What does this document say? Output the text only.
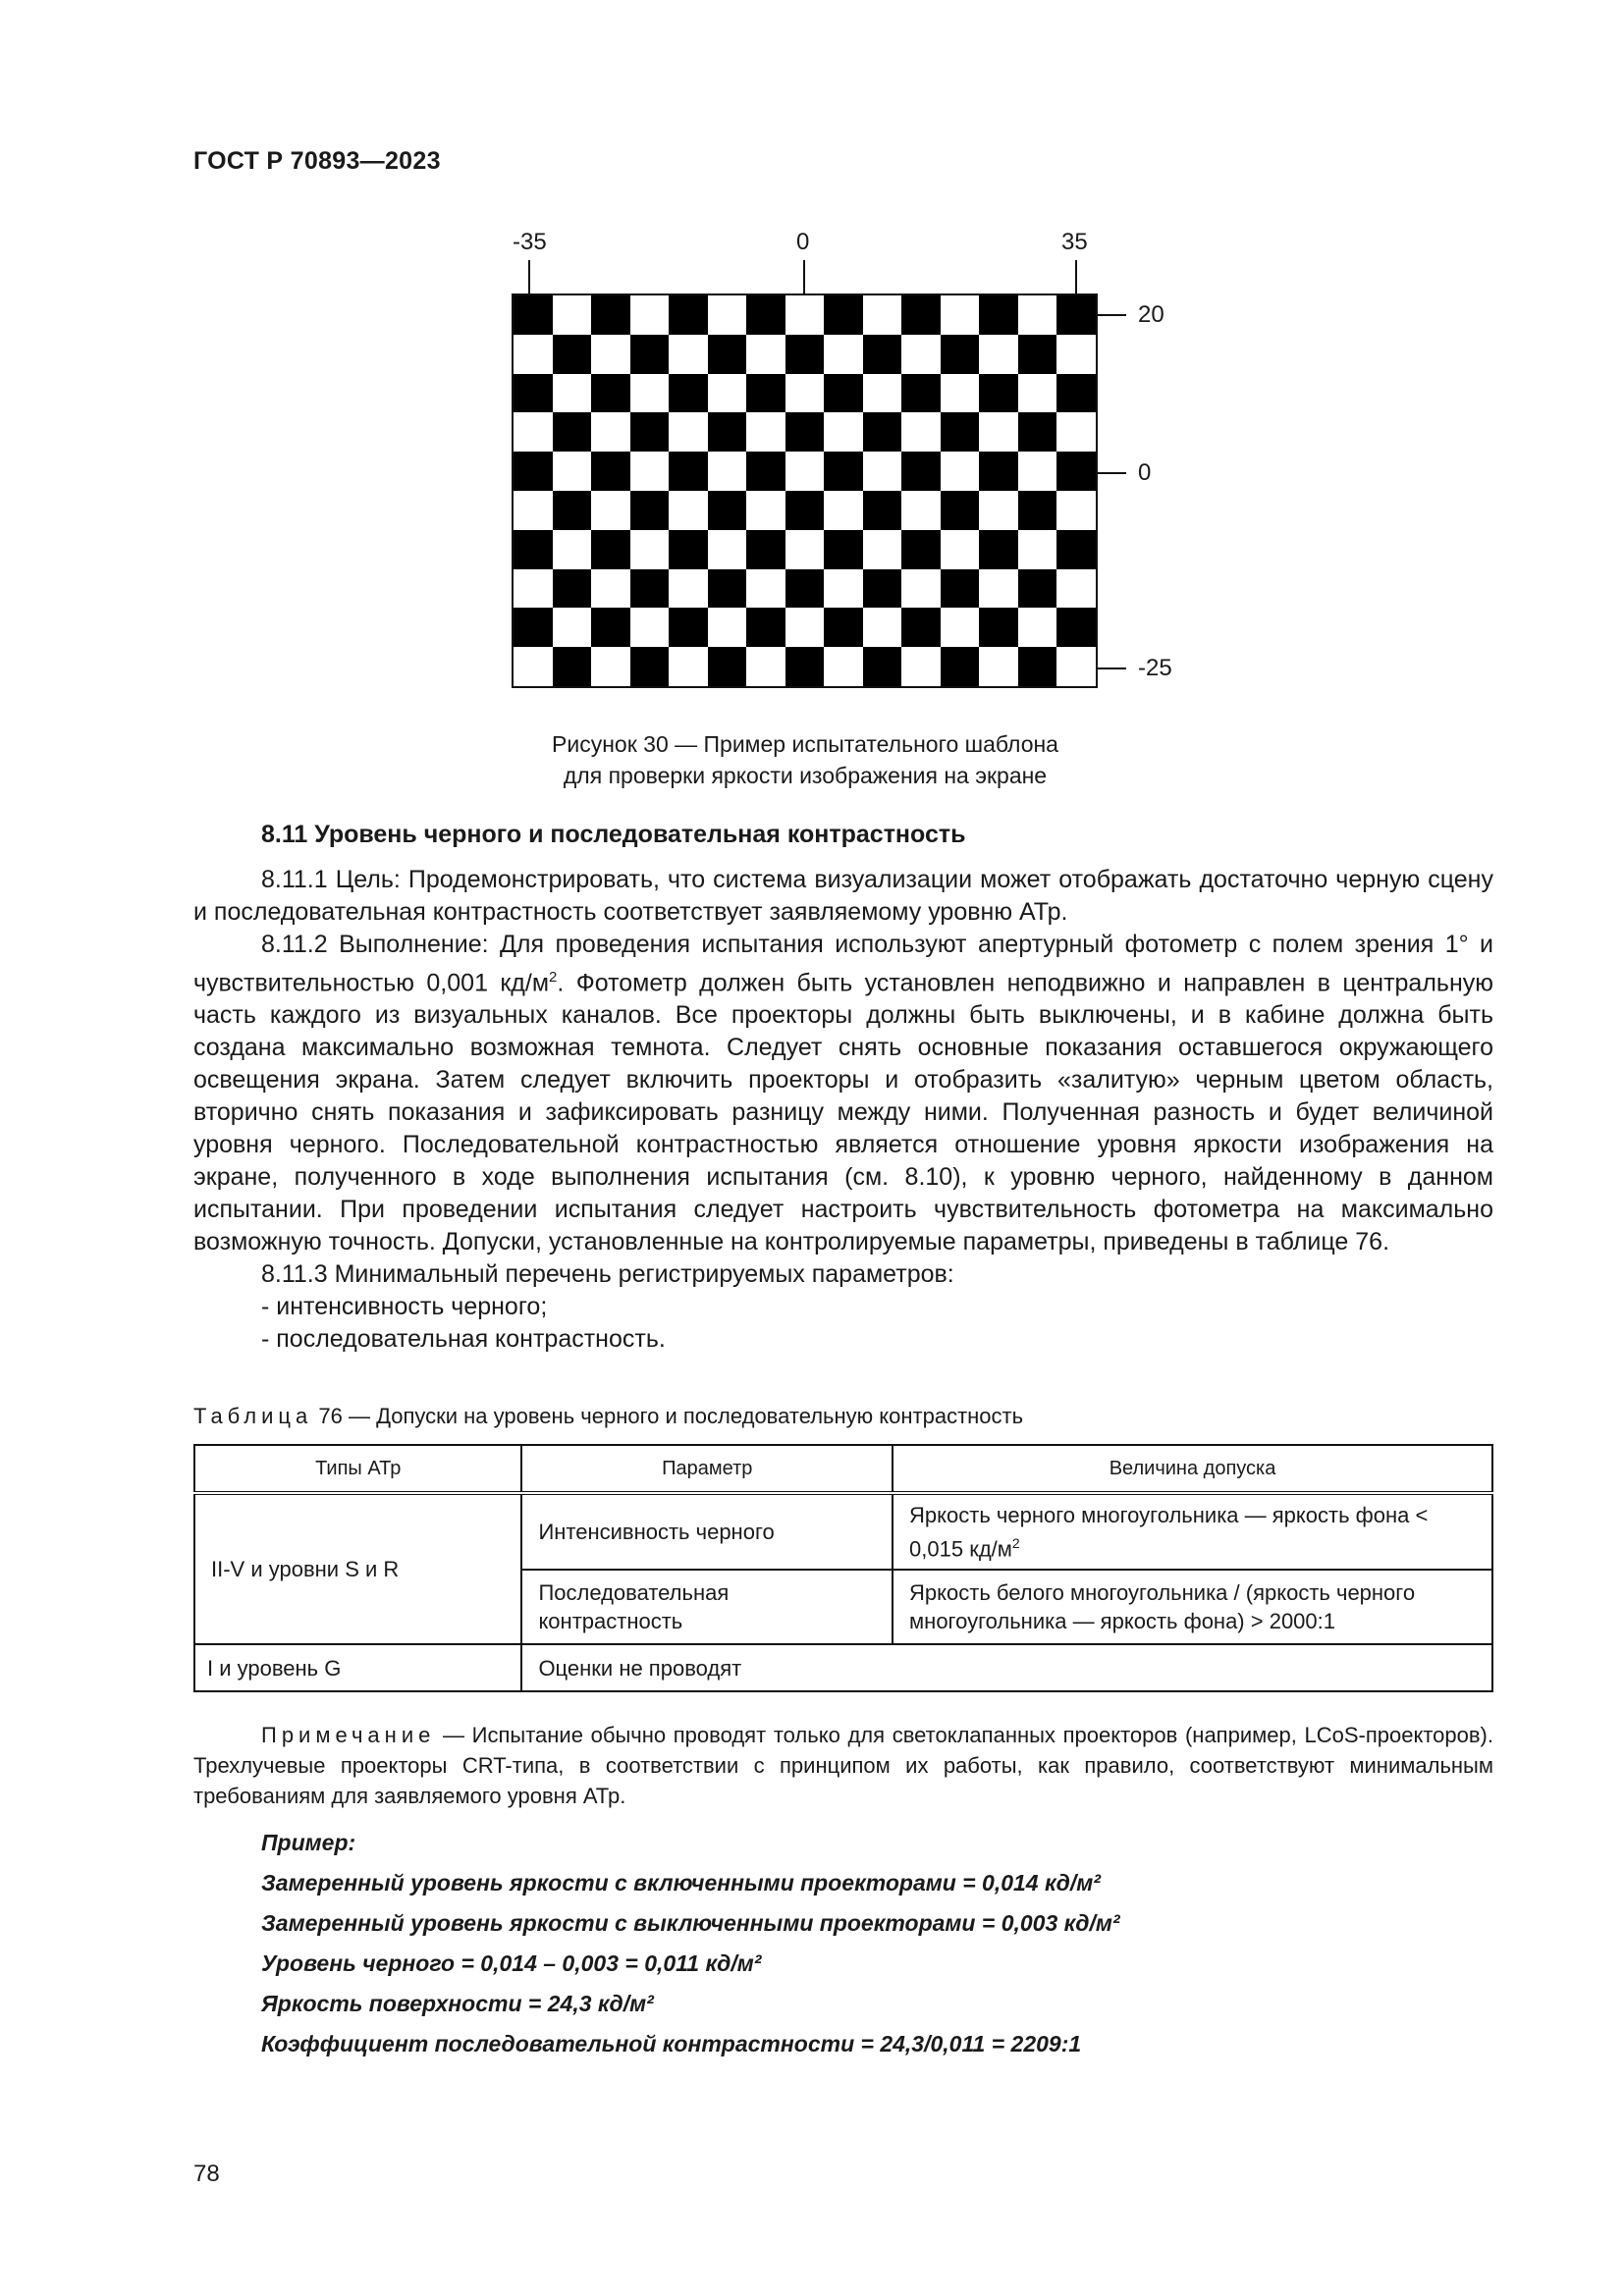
ГОСТ Р 70893—2023
-35	0	35
20
0
-25
Рисунок 30 — Пример испытательного шаблона
для проверки яркости изображения на экране
8.11 Уровень черного и последовательная контрастность

8.11.1 Цель: Продемонстрировать, что система визуализации может отображать достаточно черную сцену и последовательная контрастность соответствует заявляемому уровню АТр.

8.11.2 Выполнение: Для проведения испытания используют апертурный фотометр с полем зрения 1° и чувствительностью 0,001 $кд/м^2$. Фотометр должен быть установлен неподвижно и направлен в центральную часть каждого из визуальных каналов. Все проекторы должны быть выключены, и в кабине должна быть создана максимально возможная темнота. Следует снять основные показания оставшегося окружающего освещения экрана. Затем следует включить проекторы и отобразить «залитую» черным цветом область, вторично снять показания и зафиксировать разницу между ними. Полученная разность и будет величиной уровня черного. Последовательной контрастностью является отношение уровня яркости изображения на экране, полученного в ходе выполнения испытания (см. 8.10), к уровню черного, найденному в данном испытании. При проведении испытания следует настроить чувствительность фотометра на максимально возможную точность. Допуски, установленные на контролируемые параметры, приведены в таблице 76.

8.11.3 Минимальный перечень регистрируемых параметров:

- интенсивность черного;

- последовательная контрастность.

Таблица 76 — Допуски на уровень черного и последовательную контрастность
Типы АТр	Параметр	Величина допуска
II-V и уровни S и R	Интенсивность черного	Яркость черного многоугольника — яркость фона < 0,015 $кд/м^2$
	Последовательная контрастность	Яркость белого многоугольника / (яркость черного многоугольника — яркость фона) > 2000:1
I и уровень G	Оценки не проводят	

Примечание — Испытание обычно проводят только для светоклапанных проекторов (например, LCoS-проекторов). Трехлучевые проекторы CRT-типа, в соответствии с принципом их работы, как правило, соответствуют минимальным требованиям для заявляемого уровня АТр.

Пример:
Замеренный уровень яркости с включенными проекторами = 0,014 кд/м²
Замеренный уровень яркости с выключенными проекторами = 0,003 кд/м²
Уровень черного = 0,014 – 0,003 = 0,011 кд/м²
Яркость поверхности = 24,3 кд/м²
Коэффициент последовательной контрастности = 24,3/0,011 = 2209:1
78
